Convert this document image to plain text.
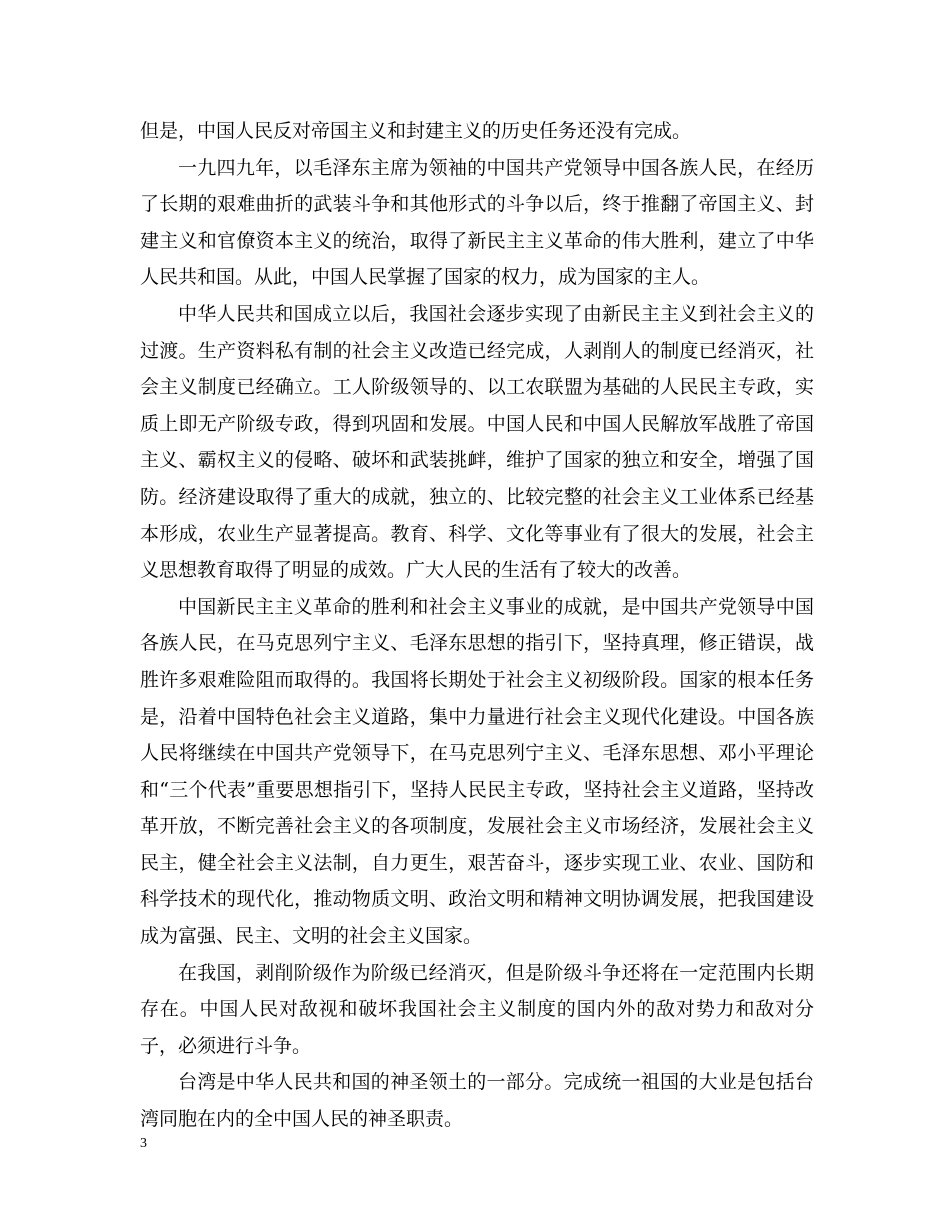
但是，中国人民反对帝国主义和封建主义的历史任务还没有完成。

一九四九年，以毛泽东主席为领袖的中国共产党领导中国各族人民，在经历了长期的艰难曲折的武装斗争和其他形式的斗争以后，终于推翻了帝国主义、封建主义和官僚资本主义的统治，取得了新民主主义革命的伟大胜利，建立了中华人民共和国。从此，中国人民掌握了国家的权力，成为国家的主人。

中华人民共和国成立以后，我国社会逐步实现了由新民主主义到社会主义的过渡。生产资料私有制的社会主义改造已经完成，人剥削人的制度已经消灭，社会主义制度已经确立。工人阶级领导的、以工农联盟为基础的人民民主专政，实质上即无产阶级专政，得到巩固和发展。中国人民和中国人民解放军战胜了帝国主义、霸权主义的侵略、破坏和武装挑衅，维护了国家的独立和安全，增强了国防。经济建设取得了重大的成就，独立的、比较完整的社会主义工业体系已经基本形成，农业生产显著提高。教育、科学、文化等事业有了很大的发展，社会主义思想教育取得了明显的成效。广大人民的生活有了较大的改善。

中国新民主主义革命的胜利和社会主义事业的成就，是中国共产党领导中国各族人民，在马克思列宁主义、毛泽东思想的指引下，坚持真理，修正错误，战胜许多艰难险阻而取得的。我国将长期处于社会主义初级阶段。国家的根本任务是，沿着中国特色社会主义道路，集中力量进行社会主义现代化建设。中国各族人民将继续在中国共产党领导下，在马克思列宁主义、毛泽东思想、邓小平理论和“三个代表”重要思想指引下，坚持人民民主专政，坚持社会主义道路，坚持改革开放，不断完善社会主义的各项制度，发展社会主义市场经济，发展社会主义民主，健全社会主义法制，自力更生，艰苦奋斗，逐步实现工业、农业、国防和科学技术的现代化，推动物质文明、政治文明和精神文明协调发展，把我国建设成为富强、民主、文明的社会主义国家。

在我国，剥削阶级作为阶级已经消灭，但是阶级斗争还将在一定范围内长期存在。中国人民对敌视和破坏我国社会主义制度的国内外的敌对势力和敌对分子，必须进行斗争。

台湾是中华人民共和国的神圣领土的一部分。完成统一祖国的大业是包括台湾同胞在内的全中国人民的神圣职责。

3
